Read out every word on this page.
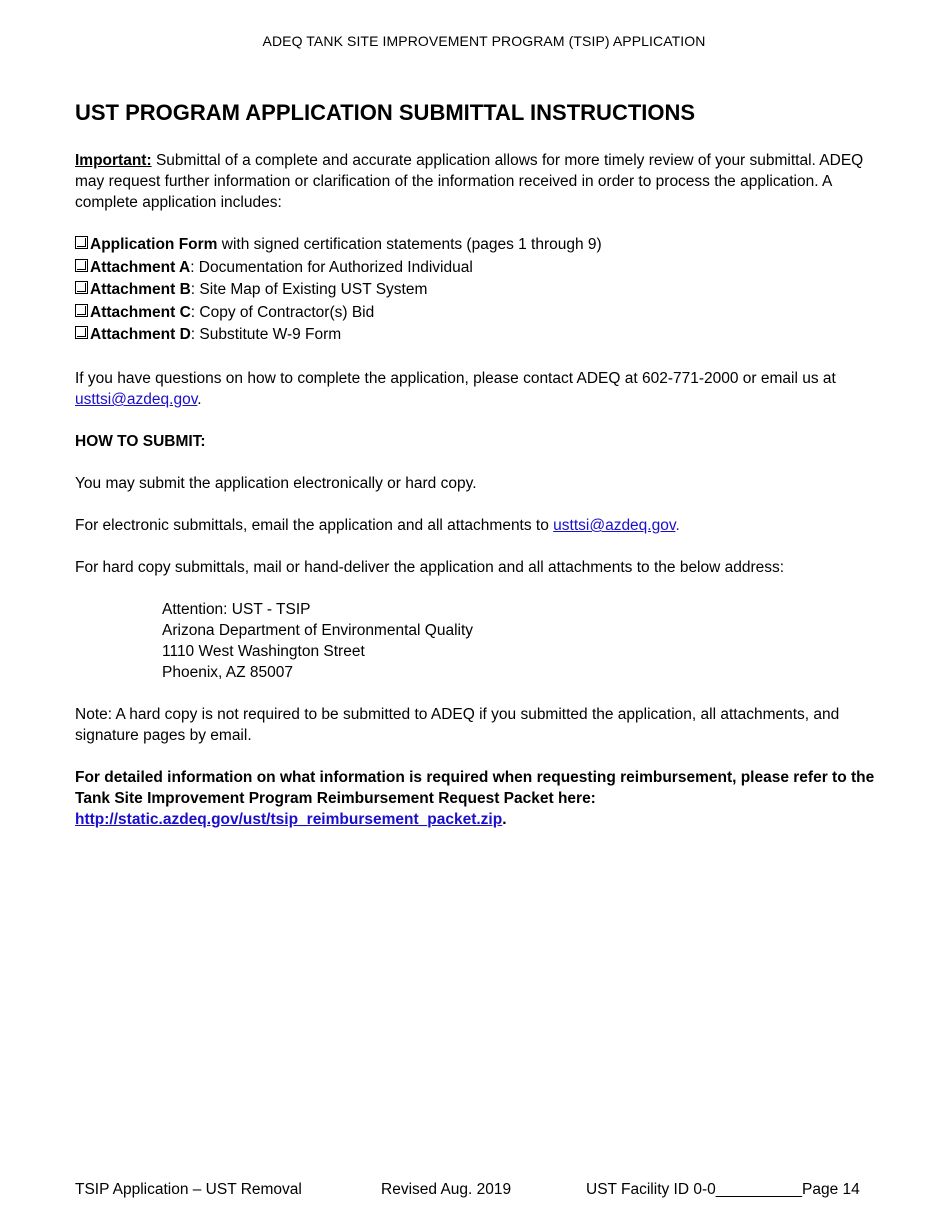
ADEQ TANK SITE IMPROVEMENT PROGRAM (TSIP) APPLICATION
UST PROGRAM APPLICATION SUBMITTAL INSTRUCTIONS

Important: Submittal of a complete and accurate application allows for more timely review of your submittal. ADEQ may request further information or clarification of the information received in order to process the application. A complete application includes:

Application Form with signed certification statements (pages 1 through 9)
Attachment A: Documentation for Authorized Individual
Attachment B: Site Map of Existing UST System
Attachment C: Copy of Contractor(s) Bid
Attachment D: Substitute W-9 Form

If you have questions on how to complete the application, please contact ADEQ at 602-771-2000 or email us at usttsi@azdeq.gov.

HOW TO SUBMIT:

You may submit the application electronically or hard copy.

For electronic submittals, email the application and all attachments to usttsi@azdeq.gov.

For hard copy submittals, mail or hand-deliver the application and all attachments to the below address:

Attention: UST - TSIP
Arizona Department of Environmental Quality
1110 West Washington Street
Phoenix, AZ 85007

Note: A hard copy is not required to be submitted to ADEQ if you submitted the application, all attachments, and signature pages by email.

For detailed information on what information is required when requesting reimbursement, please refer to the Tank Site Improvement Program Reimbursement Request Packet here:
http://static.azdeq.gov/ust/tsip_reimbursement_packet.zip.

TSIP Application – UST Removal	Revised Aug. 2019	UST Facility ID 0-0__________ Page 14
